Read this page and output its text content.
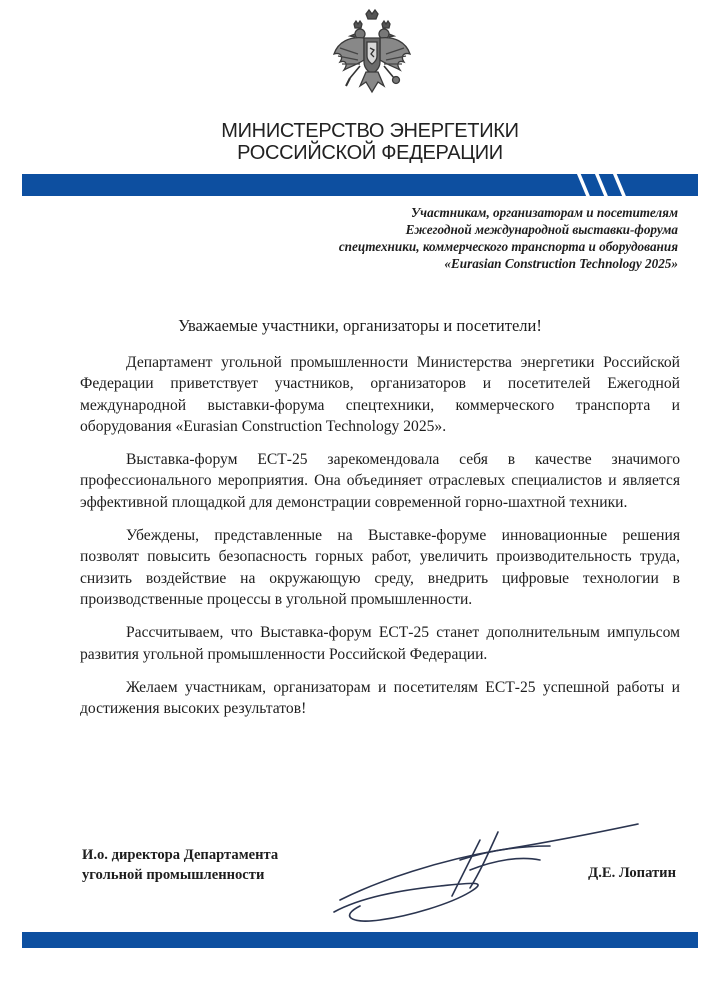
МИНИСТЕРСТВО ЭНЕРГЕТИКИ
РОССИЙСКОЙ ФЕДЕРАЦИИ
Участникам, организаторам и посетителям
Ежегодной международной выставки-форума
спецтехники, коммерческого транспорта и оборудования
«Eurasian Construction Technology 2025»
Уважаемые участники, организаторы и посетители!

Департамент угольной промышленности Министерства энергетики Российской Федерации приветствует участников, организаторов и посетителей Ежегодной международной выставки-форума спецтехники, коммерческого транспорта и оборудования «Eurasian Construction Technology 2025».

Выставка-форум ЕСТ-25 зарекомендовала себя в качестве значимого профессионального мероприятия. Она объединяет отраслевых специалистов и является эффективной площадкой для демонстрации современной горно-шахтной техники.

Убеждены, представленные на Выставке-форуме инновационные решения позволят повысить безопасность горных работ, увеличить производительность труда, снизить воздействие на окружающую среду, внедрить цифровые технологии в производственные процессы в угольной промышленности.

Рассчитываем, что Выставка-форум ЕСТ-25 станет дополнительным импульсом развития угольной промышленности Российской Федерации.

Желаем участникам, организаторам и посетителям ЕСТ-25 успешной работы и достижения высоких результатов!

И.о. директора Департамента
угольной промышленности	Д.Е. Лопатин
